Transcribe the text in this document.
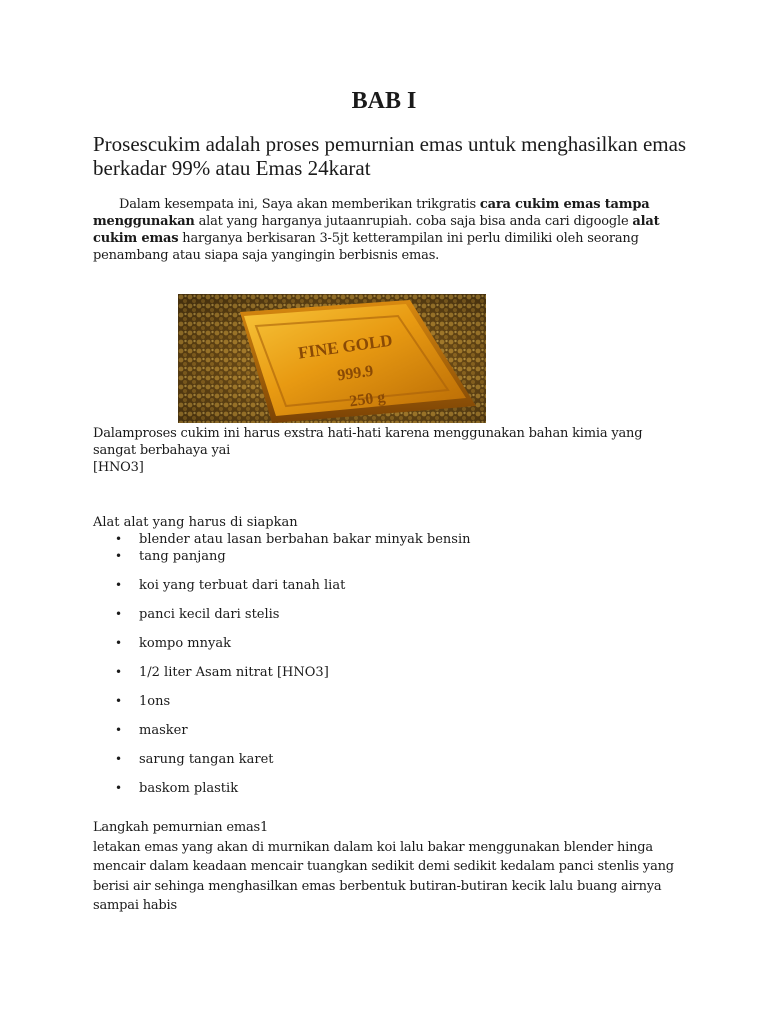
BAB I
Prosescukim adalah proses pemurnian emas untuk menghasilkan emas berkadar 99% atau Emas 24karat
Dalam kesempata ini, Saya akan memberikan trikgratis cara cukim emas tampa menggunakan alat yang harganya jutaanrupiah. coba saja bisa anda cari digoogle alat cukim emas harganya berkisaran 3-5jt ketterampilan ini perlu dimiliki oleh seorang penambang atau siapa saja yangingin berbisnis emas.
FINE GOLD
999.9
250 g
Dalamproses cukim ini harus exstra hati-hati karena menggunakan bahan kimia yang sangat berbahaya yai
[HNO3]
Alat alat yang harus di siapkan
• blender atau lasan berbahan bakar minyak bensin
• tang panjang
• koi yang terbuat dari tanah liat
• panci kecil dari stelis
• kompo mnyak
• 1/2 liter Asam nitrat [HNO3]
• 1ons
• masker
• sarung tangan karet
• baskom plastik
Langkah pemurnian emas1
letakan emas yang akan di murnikan dalam koi lalu bakar menggunakan blender hinga mencair dalam keadaan mencair tuangkan sedikit demi sedikit kedalam panci stenlis yang berisi air sehinga menghasilkan emas berbentuk butiran-butiran kecik lalu buang airnya sampai habis
